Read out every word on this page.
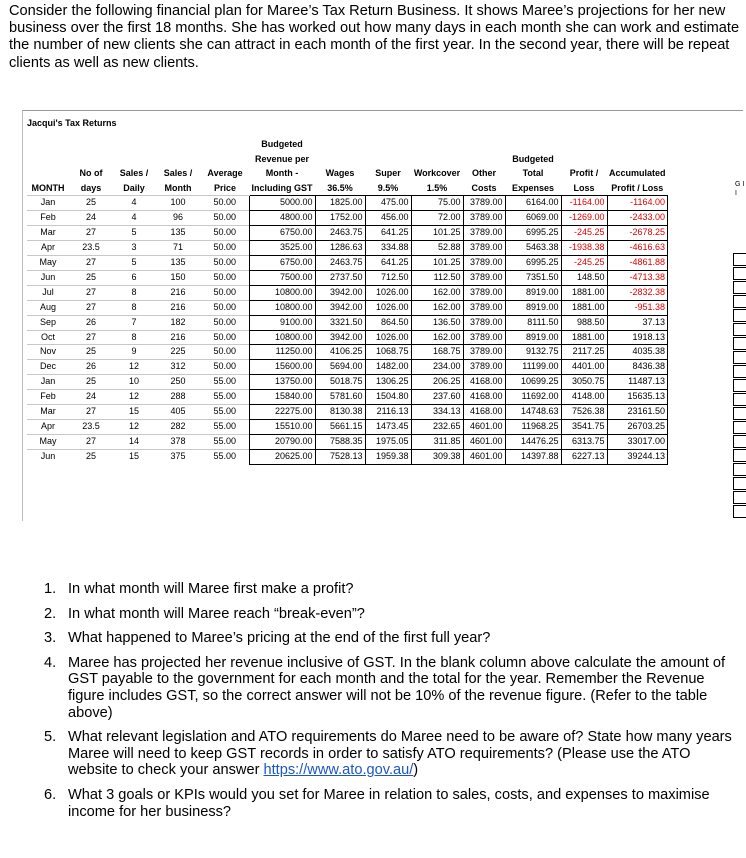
Consider the following financial plan for Maree’s Tax Return Business. It shows Maree’s projections for her new business over the first 18 months. She has worked out how many days in each month she can work and estimate the number of new clients she can attract in each month of the first year. In the second year, there will be repeat clients as well as new clients.
Jacqui's Tax Returns
MONTH	No of days	Sales / Daily	Sales / Month	Average Price	Budgeted Revenue per Month - Including GST	Wages 36.5%	Super 9.5%	Workcover 1.5%	Other Costs	Budgeted Total Expenses	Profit / Loss	Accumulated Profit / Loss
Jan	25	4	100	50.00	5000.00	1825.00	475.00	75.00	3789.00	6164.00	-1164.00	-1164.00
Feb	24	4	96	50.00	4800.00	1752.00	456.00	72.00	3789.00	6069.00	-1269.00	-2433.00
Mar	27	5	135	50.00	6750.00	2463.75	641.25	101.25	3789.00	6995.25	-245.25	-2678.25
Apr	23.5	3	71	50.00	3525.00	1286.63	334.88	52.88	3789.00	5463.38	-1938.38	-4616.63
May	27	5	135	50.00	6750.00	2463.75	641.25	101.25	3789.00	6995.25	-245.25	-4861.88
Jun	25	6	150	50.00	7500.00	2737.50	712.50	112.50	3789.00	7351.50	148.50	-4713.38
Jul	27	8	216	50.00	10800.00	3942.00	1026.00	162.00	3789.00	8919.00	1881.00	-2832.38
Aug	27	8	216	50.00	10800.00	3942.00	1026.00	162.00	3789.00	8919.00	1881.00	-951.38
Sep	26	7	182	50.00	9100.00	3321.50	864.50	136.50	3789.00	8111.50	988.50	37.13
Oct	27	8	216	50.00	10800.00	3942.00	1026.00	162.00	3789.00	8919.00	1881.00	1918.13
Nov	25	9	225	50.00	11250.00	4106.25	1068.75	168.75	3789.00	9132.75	2117.25	4035.38
Dec	26	12	312	50.00	15600.00	5694.00	1482.00	234.00	3789.00	11199.00	4401.00	8436.38
Jan	25	10	250	55.00	13750.00	5018.75	1306.25	206.25	4168.00	10699.25	3050.75	11487.13
Feb	24	12	288	55.00	15840.00	5781.60	1504.80	237.60	4168.00	11692.00	4148.00	15635.13
Mar	27	15	405	55.00	22275.00	8130.38	2116.13	334.13	4168.00	14748.63	7526.38	23161.50
Apr	23.5	12	282	55.00	15510.00	5661.15	1473.45	232.65	4601.00	11968.25	3541.75	26703.25
May	27	14	378	55.00	20790.00	7588.35	1975.05	311.85	4601.00	14476.25	6313.75	33017.00
Jun	25	15	375	55.00	20625.00	7528.13	1959.38	309.38	4601.00	14397.88	6227.13	39244.13
G I I
1. In what month will Maree first make a profit?
2. In what month will Maree reach “break-even”?
3. What happened to Maree’s pricing at the end of the first full year?
4. Maree has projected her revenue inclusive of GST. In the blank column above calculate the amount of GST payable to the government for each month and the total for the year. Remember the Revenue figure includes GST, so the correct answer will not be 10% of the revenue figure. (Refer to the table above)
5. What relevant legislation and ATO requirements do Maree need to be aware of? State how many years Maree will need to keep GST records in order to satisfy ATO requirements? (Please use the ATO website to check your answer https://www.ato.gov.au/)
6. What 3 goals or KPIs would you set for Maree in relation to sales, costs, and expenses to maximise income for her business?
